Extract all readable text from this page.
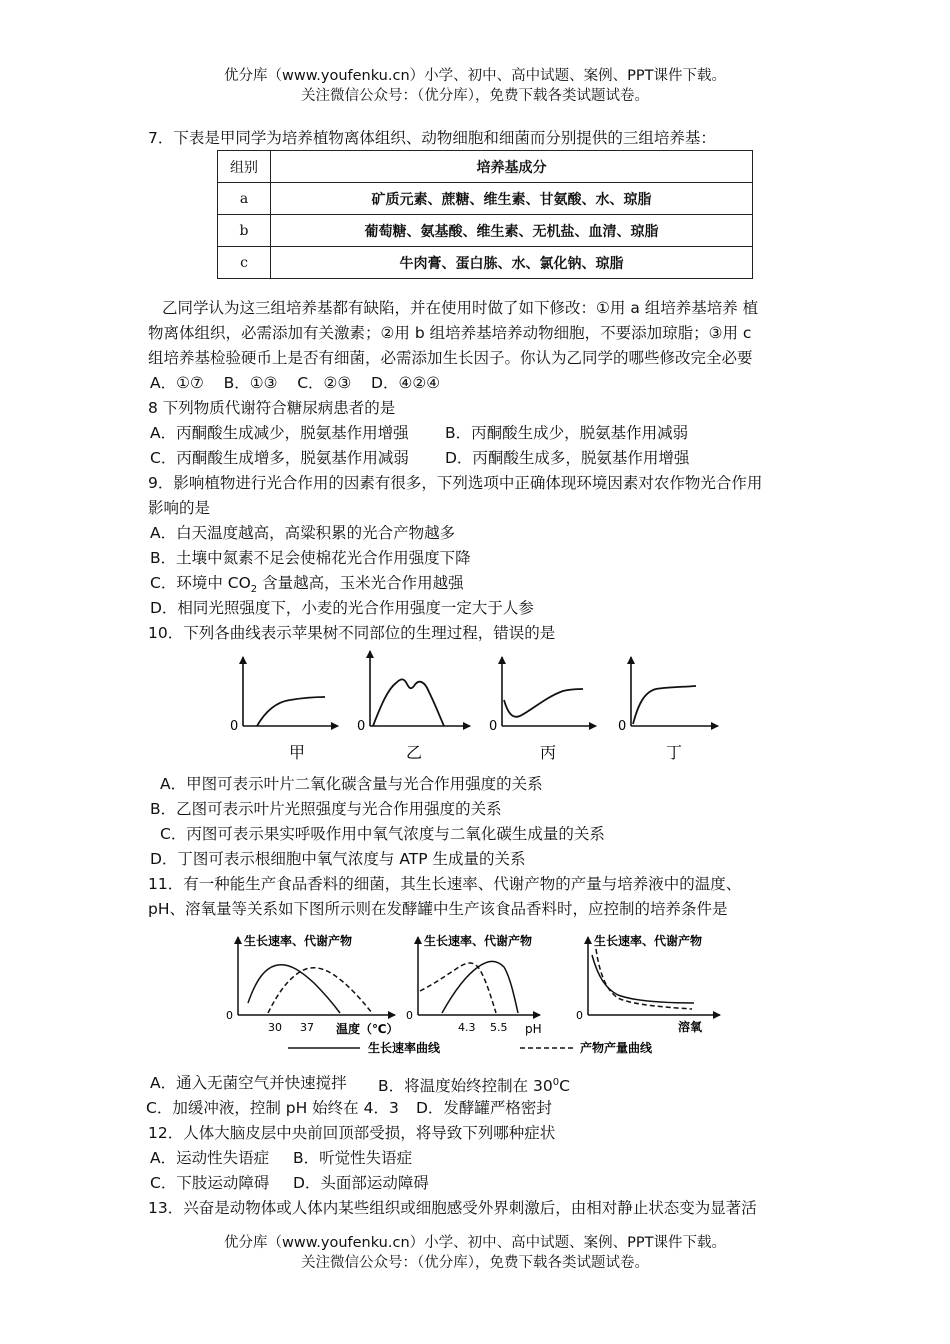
优分库（www.youfenku.cn）小学、初中、高中试题、案例、PPT课件下载。
关注微信公众号：（优分库），免费下载各类试题试卷。
7．下表是甲同学为培养植物离体组织、动物细胞和细菌而分别提供的三组培养基：
组别	培养基成分
a	矿质元素、蔗糖、维生素、甘氨酸、水、琼脂
b	葡萄糖、氨基酸、维生素、无机盐、血清、琼脂
c	牛肉膏、蛋白胨、水、氯化钠、琼脂
乙同学认为这三组培养基都有缺陷，并在使用时做了如下修改：①用 a 组培养基培养 植
物离体组织，必需添加有关激素；②用 b 组培养基培养动物细胞，不要添加琼脂；③用 c
组培养基检验硬币上是否有细菌，必需添加生长因子。你认为乙同学的哪些修改完全必要
A．①⑦    B．①③    C．②③    D．④②④
8 下列物质代谢符合糖尿病患者的是
A．丙酮酸生成减少，脱氨基作用增强 B．丙酮酸生成少，脱氨基作用减弱
C．丙酮酸生成增多，脱氨基作用减弱 D．丙酮酸生成多，脱氨基作用增强
9．影响植物进行光合作用的因素有很多，下列选项中正确体现环境因素对农作物光合作用
影响的是
A．白天温度越高，高粱积累的光合产物越多
B．土壤中氮素不足会使棉花光合作用强度下降
C．环境中 $CO_2$ 含量越高，玉米光合作用越强
D．相同光照强度下，小麦的光合作用强度一定大于人参
10．下列各曲线表示苹果树不同部位的生理过程，错误的是
0
甲
0
乙
0
丙
0
丁
A．甲图可表示叶片二氧化碳含量与光合作用强度的关系
B．乙图可表示叶片光照强度与光合作用强度的关系
C．丙图可表示果实呼吸作用中氧气浓度与二氧化碳生成量的关系
D．丁图可表示根细胞中氧气浓度与 ATP 生成量的关系
11．有一种能生产食品香料的细菌，其生长速率、代谢产物的产量与培养液中的温度、
pH、溶氧量等关系如下图所示则在发酵罐中生产该食品香料时，应控制的培养条件是
生长速率、代谢产物
0
30 37 温度（℃）
生长速率、代谢产物
0
4.3 5.5 pH
生长速率、代谢产物
0
溶氧
生长速率曲线	产物产量曲线
A．通入无菌空气并快速搅拌 B．将温度始终控制在 $30^0C$
C．加缓冲液，控制 pH 始终在 4．3 D．发酵罐严格密封
12．人体大脑皮层中央前回顶部受损，将导致下列哪种症状
A．运动性失语症 B．听觉性失语症
C．下肢运动障碍 D．头面部运动障碍
13．兴奋是动物体或人体内某些组织或细胞感受外界刺激后，由相对静止状态变为显著活
优分库（www.youfenku.cn）小学、初中、高中试题、案例、PPT课件下载。
关注微信公众号：（优分库），免费下载各类试题试卷。
